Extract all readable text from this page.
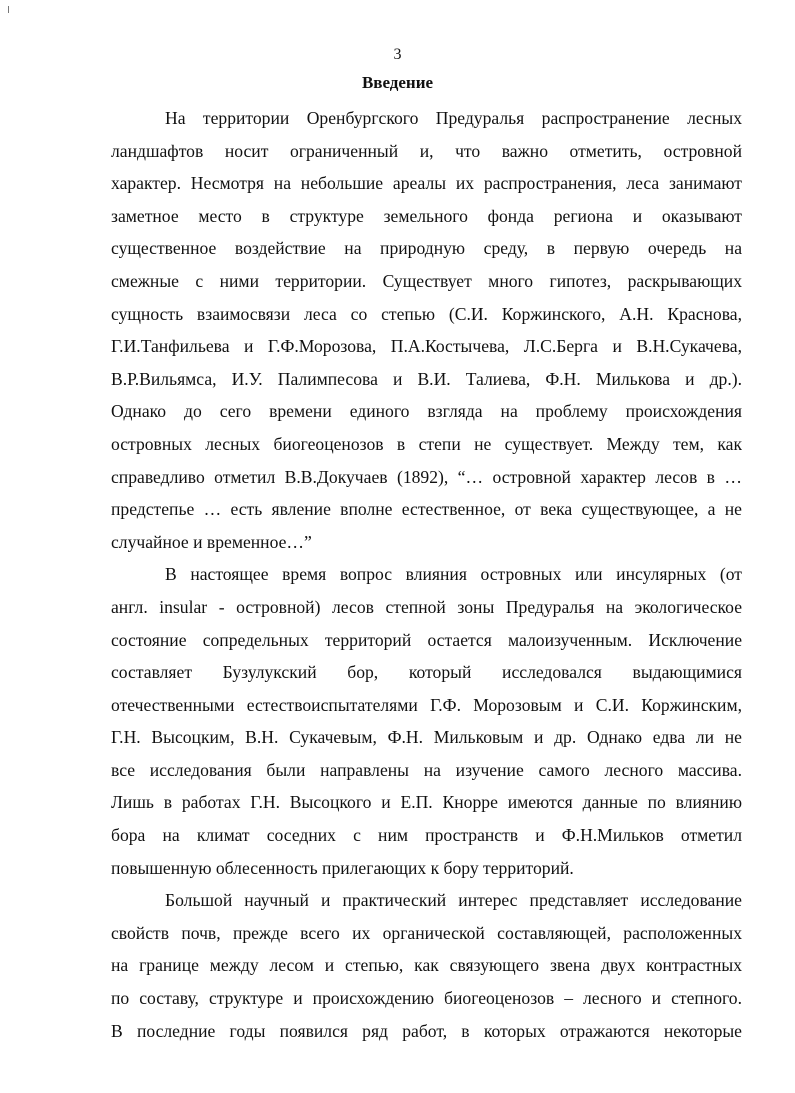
3
Введение
На территории Оренбургского Предуралья распространение лесных
ландшафтов носит ограниченный и, что важно отметить, островной
характер. Несмотря на небольшие ареалы их распространения, леса занимают
заметное место в структуре земельного фонда региона и оказывают
существенное воздействие на природную среду, в первую очередь на
смежные с ними территории. Существует много гипотез, раскрывающих
сущность взаимосвязи леса со степью (С.И. Коржинского, А.Н. Краснова,
Г.И.Танфильева и Г.Ф.Морозова, П.А.Костычева, Л.С.Берга и В.Н.Сукачева,
В.Р.Вильямса, И.У. Палимпесова и В.И. Талиева, Ф.Н. Милькова и др.).
Однако до сего времени единого взгляда на проблему происхождения
островных лесных биогеоценозов в степи не существует. Между тем, как
справедливо отметил В.В.Докучаев (1892), “… островной характер лесов в …
предстепье … есть явление вполне естественное, от века существующее, а не
случайное и временное…”
В настоящее время вопрос влияния островных или инсулярных (от
англ. insular - островной) лесов степной зоны Предуралья на экологическое
состояние сопредельных территорий остается малоизученным. Исключение
составляет Бузулукский бор, который исследовался выдающимися
отечественными естествоиспытателями Г.Ф. Морозовым и С.И. Коржинским,
Г.Н. Высоцким, В.Н. Сукачевым, Ф.Н. Мильковым и др. Однако едва ли не
все исследования были направлены на изучение самого лесного массива.
Лишь в работах Г.Н. Высоцкого и Е.П. Кнорре имеются данные по влиянию
бора на климат соседних с ним пространств и Ф.Н.Мильков отметил
повышенную облесенность прилегающих к бору территорий.
Большой научный и практический интерес представляет исследование
свойств почв, прежде всего их органической составляющей, расположенных
на границе между лесом и степью, как связующего звена двух контрастных
по составу, структуре и происхождению биогеоценозов – лесного и степного.
В последние годы появился ряд работ, в которых отражаются некоторые
